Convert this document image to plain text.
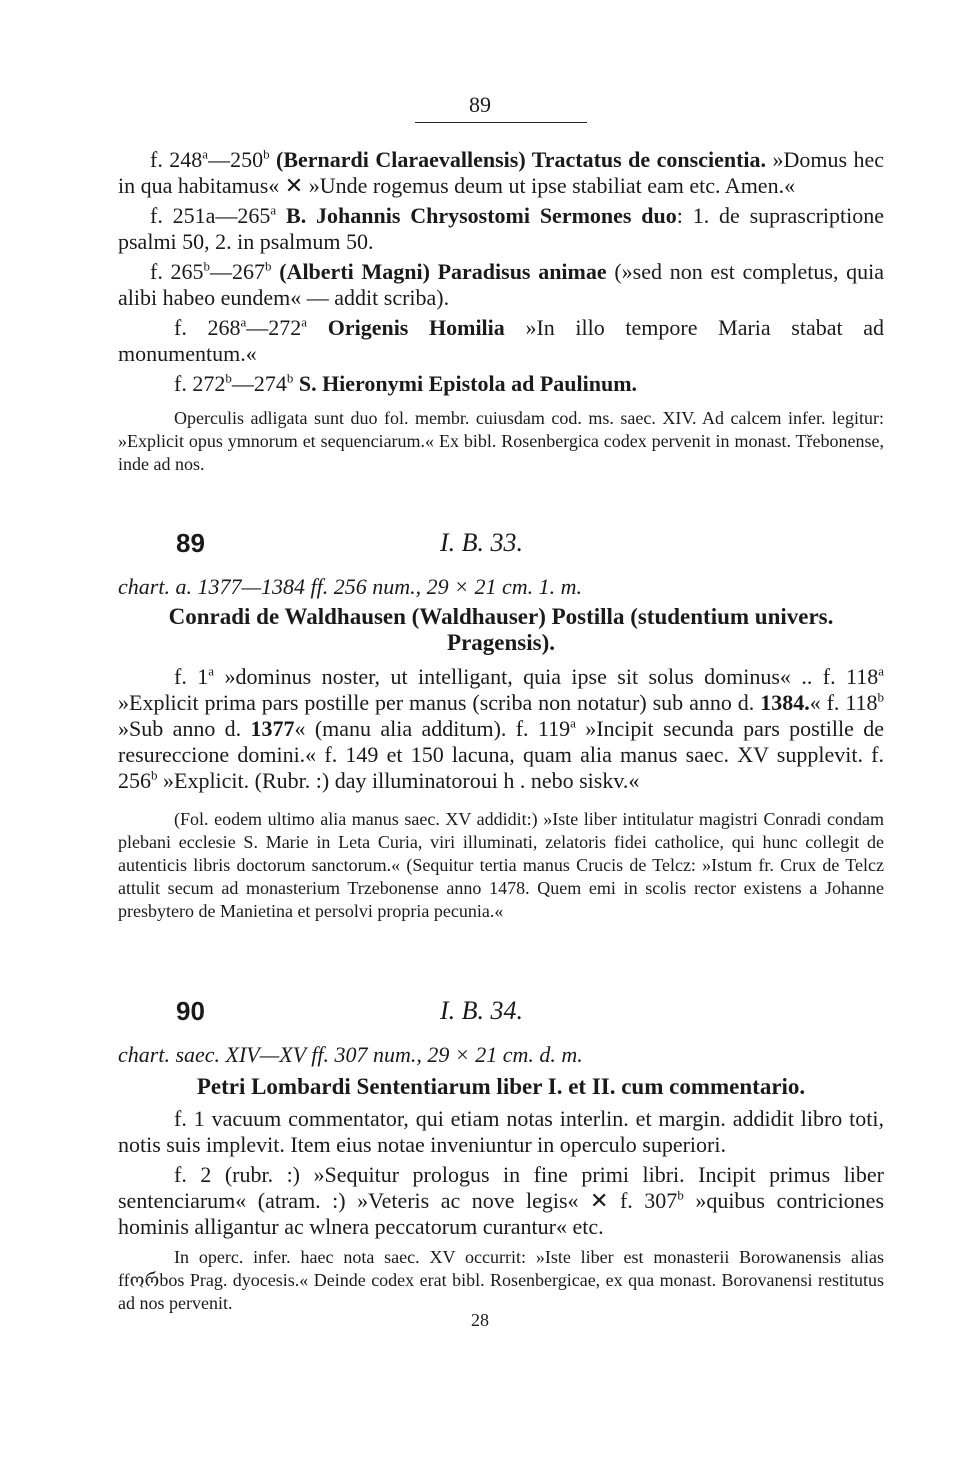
89

f. 248$^a$—250$^b$ (Bernardi Claraevallensis) Tractatus de conscientia. »Domus hec in qua habitamus« ✕ »Unde rogemus deum ut ipse stabiliat eam etc. Amen.«

f. 251a—265$^a$ B. Johannis Chrysostomi Sermones duo: 1. de suprascriptione psalmi 50, 2. in psalmum 50.

f. 265$^b$—267$^b$ (Alberti Magni) Paradisus animae (»sed non est completus, quia alibi habeo eundem« — addit scriba).

f. 268$^a$—272$^a$ Origenis Homilia »In illo tempore Maria stabat ad monumentum.«

f. 272$^b$—274$^b$ S. Hieronymi Epistola ad Paulinum.

Operculis adligata sunt duo fol. membr. cuiusdam cod. ms. saec. XIV. Ad calcem infer. legitur: »Explicit opus ymnorum et sequenciarum.« Ex bibl. Rosenbergica codex pervenit in monast. Třebonense, inde ad nos.

89	I. B. 33.
chart. a. 1377—1384 ff. 256 num., 29 × 21 cm. 1. m.

Conradi de Waldhausen (Waldhauser) Postilla (studentium univers. Pragensis).

f. 1$^a$ »dominus noster, ut intelligant, quia ipse sit solus dominus« .. f. 118$^a$ »Explicit prima pars postille per manus (scriba non notatur) sub anno d. 1384.« f. 118$^b$ »Sub anno d. 1377« (manu alia additum). f. 119$^a$ »Incipit secunda pars postille de resureccione domini.« f. 149 et 150 lacuna, quam alia manus saec. XV supplevit. f. 256$^b$ »Explicit. (Rubr. :) day illuminatoroui h . nebo siskv.«

(Fol. eodem ultimo alia manus saec. XV addidit:) »Iste liber intitulatur magistri Conradi condam plebani ecclesie S. Marie in Leta Curia, viri illuminati, zelatoris fidei catholice, qui hunc collegit de autenticis libris doctorum sanctorum.« (Sequitur tertia manus Crucis de Telcz: »Istum fr. Crux de Telcz attulit secum ad monasterium Trzebonense anno 1478. Quem emi in scolis rector existens a Johanne presbytero de Manietina et persolvi propria pecunia.«

90	I. B. 34.
chart. saec. XIV—XV ff. 307 num., 29 × 21 cm. d. m.

Petri Lombardi Sententiarum liber I. et II. cum commentario.

f. 1 vacuum commentator, qui etiam notas interlin. et margin. addidit libro toti, notis suis implevit. Item eius notae inveniuntur in operculo superiori.

f. 2 (rubr. :) »Sequitur prologus in fine primi libri. Incipit primus liber sentenciarum« (atram. :) »Veteris ac nove legis« ✕ f. 307$^b$ »quibus contriciones hominis alligantur ac wlnera peccatorum curantur« etc.

In operc. infer. haec nota saec. XV occurrit: »Iste liber est monasterii Borowanensis alias ffორbos Prag. dyocesis.« Deinde codex erat bibl. Rosenbergicae, ex qua monast. Borovanensi restitutus ad nos pervenit.

28
